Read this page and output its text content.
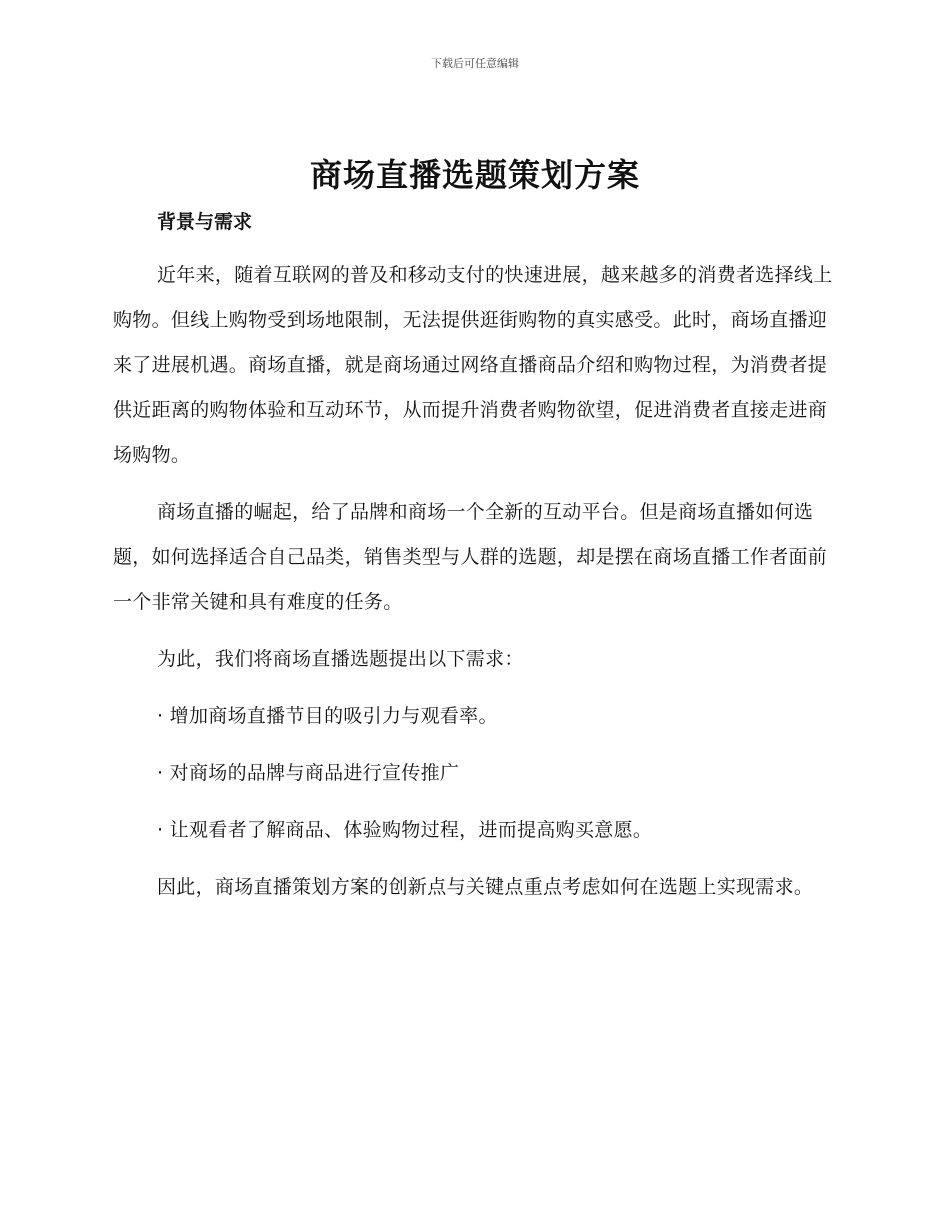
下载后可任意编辑
商场直播选题策划方案
背景与需求

近年来，随着互联网的普及和移动支付的快速进展，越来越多的消费者选择线上购物。但线上购物受到场地限制，无法提供逛街购物的真实感受。此时，商场直播迎来了进展机遇。商场直播，就是商场通过网络直播商品介绍和购物过程，为消费者提供近距离的购物体验和互动环节，从而提升消费者购物欲望，促进消费者直接走进商场购物。

商场直播的崛起，给了品牌和商场一个全新的互动平台。但是商场直播如何选题，如何选择适合自己品类，销售类型与人群的选题，却是摆在商场直播工作者面前一个非常关键和具有难度的任务。

为此，我们将商场直播选题提出以下需求：

· 增加商场直播节目的吸引力与观看率。
· 对商场的品牌与商品进行宣传推广
· 让观看者了解商品、体验购物过程，进而提高购买意愿。

因此，商场直播策划方案的创新点与关键点重点考虑如何在选题上实现需求。
